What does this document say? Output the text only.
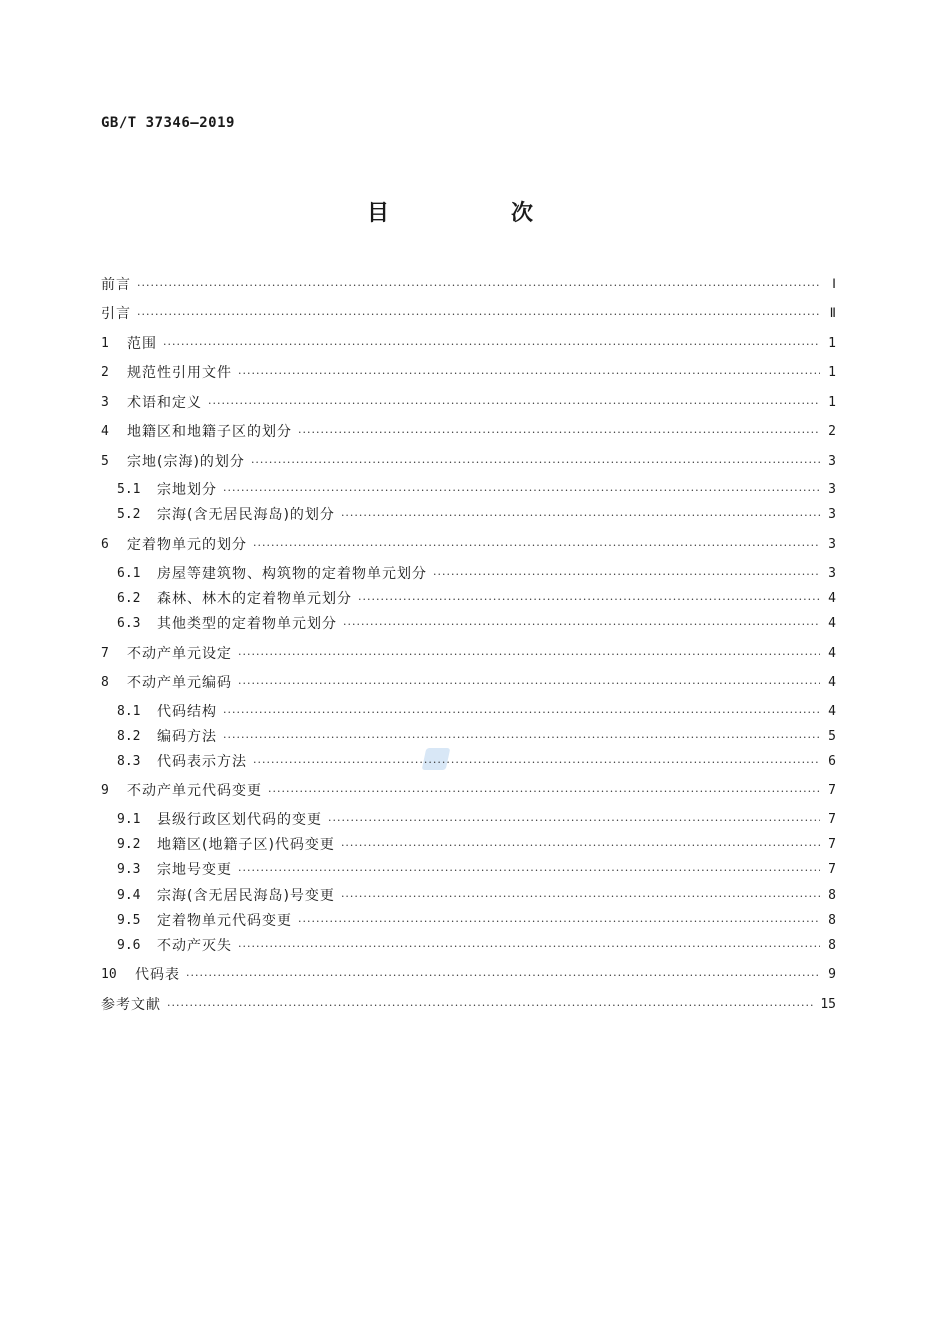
GB/T 37346—2019
目　次
前言 ·····	Ⅰ
引言 ·····	Ⅱ
1	范围 ·····	1
2	规范性引用文件 ·····	1
3	术语和定义 ·····	1
4	地籍区和地籍子区的划分 ·····	2
5	宗地(宗海)的划分 ·····	3
5.1	宗地划分 ·····	3
5.2	宗海(含无居民海岛)的划分 ·····	3
6	定着物单元的划分 ·····	3
6.1	房屋等建筑物、构筑物的定着物单元划分 ·····	3
6.2	森林、林木的定着物单元划分 ·····	4
6.3	其他类型的定着物单元划分 ·····	4
7	不动产单元设定 ·····	4
8	不动产单元编码 ·····	4
8.1	代码结构 ·····	4
8.2	编码方法 ·····	5
8.3	代码表示方法 ·····	6
9	不动产单元代码变更 ·····	7
9.1	县级行政区划代码的变更 ·····	7
9.2	地籍区(地籍子区)代码变更 ·····	7
9.3	宗地号变更 ·····	7
9.4	宗海(含无居民海岛)号变更 ·····	8
9.5	定着物单元代码变更 ·····	8
9.6	不动产灭失 ·····	8
10	代码表 ·····	9
参考文献 ·····	15
